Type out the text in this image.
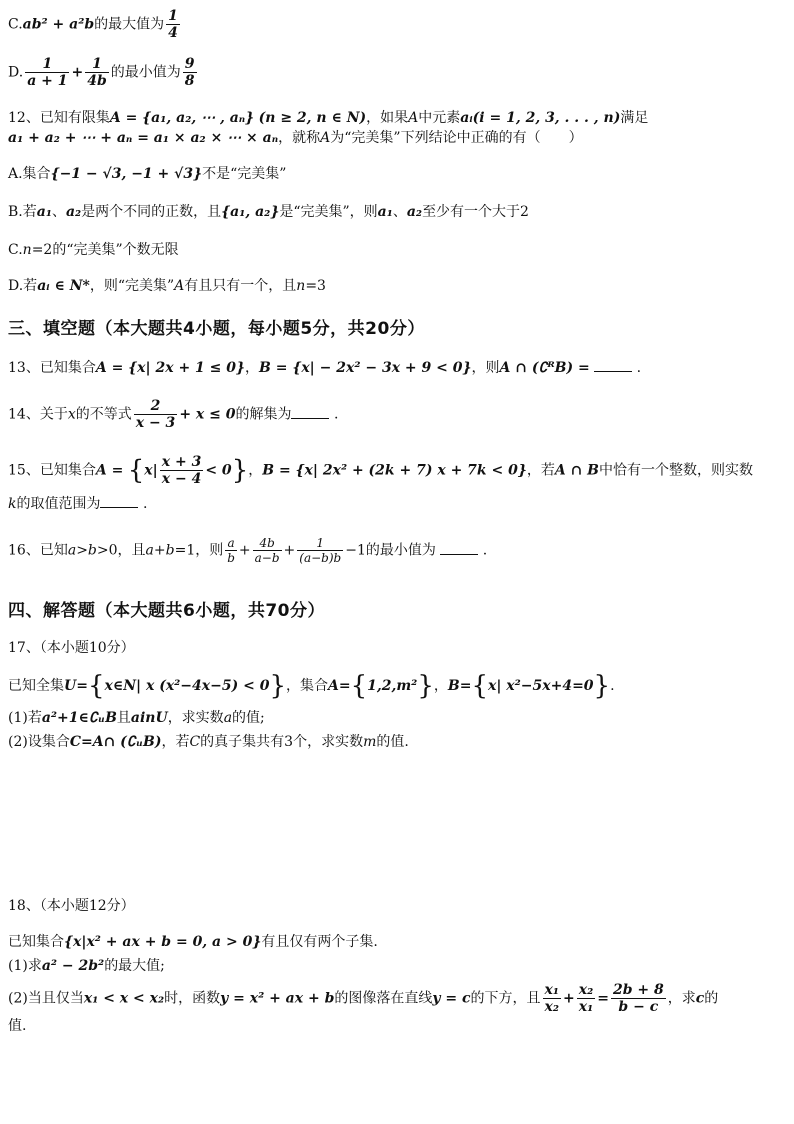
C.ab² + a²b的最大值为 $\frac{1}{4}$
D. $\frac{1}{a + 1} + \frac{1}{4b}$ 的最小值为 $\frac{9}{8}$
12、已知有限集A = {a₁, a₂, ⋯ , aₙ} (n ≥ 2, n ∈ N)，如果A中元素aᵢ(i = 1, 2, 3, . . . , n)满足
a₁ + a₂ + ⋯ + aₙ = a₁ × a₂ × ⋯ × aₙ，就称A为“完美集”下列结论中正确的有（　　）
A.集合{−1 − √3, −1 + √3}不是“完美集”
B.若a₁、a₂是两个不同的正数，且{a₁, a₂}是“完美集”，则a₁、a₂至少有一个大于2
C.n=2的“完美集”个数无限
D.若aᵢ ∈ N*，则“完美集”A有且只有一个，且n=3
三、填空题（本大题共4小题，每小题5分，共20分）
13、已知集合A = {x| 2x + 1 ≤ 0}，B = {x| − 2x² − 3x + 9 < 0}，则A ∩ (∁ᴿB) =	.
14、关于x的不等式 $\frac{2}{x - 3} + x \le 0$的解集为	.
15、已知集合$A = \{x| \frac{x + 3}{x - 4} < 0\}$，B = {x| 2x² + (2k + 7) x + 7k < 0}，若A ∩ B中恰有一个整数，则实数
k的取值范围为	.
16、已知a>b>0，且a+b=1，则 $\frac{a}{b} + \frac{4b}{a-b} + \frac{1}{(a-b)b} -1$的最小值为	.
四、解答题（本大题共6小题，共70分）
17、（本小题10分）
已知全集U={x∈N| x (x²−4x−5) < 0}，集合A={1,2,m²}，B={x| x²−5x+4=0}.
(1)若a²+1∈∁ᵤB且ainU，求实数a的值;
(2)设集合C=A∩ (∁ᵤB)，若C的真子集共有3个，求实数m的值.
18、（本小题12分）
已知集合{x|x² + ax + b = 0, a > 0}有且仅有两个子集.
(1)求a² − 2b²的最大值;
(2)当且仅当x₁ < x < x₂时，函数y = x² + ax + b的图像落在直线y = c的下方，且 $\frac{\text{x₁}}{\text{x₂}} + \frac{\text{x₂}}{\text{x₁}} = \frac{2b + 8}{b - c}$ ，求c的
值.
